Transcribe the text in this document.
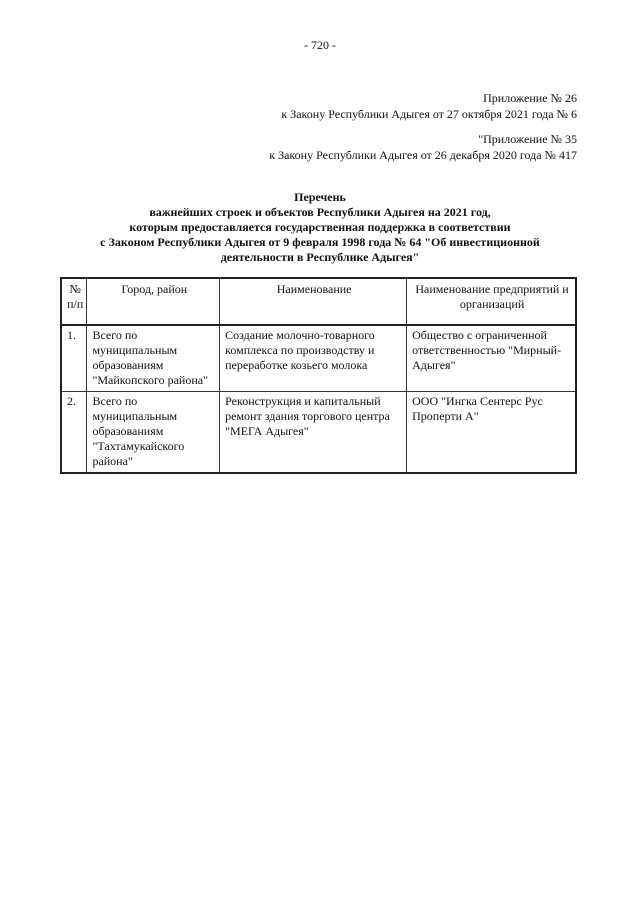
- 720 -
Приложение № 26
к Закону Республики Адыгея от 27 октября 2021 года № 6
"Приложение № 35
к Закону Республики Адыгея от 26 декабря 2020 года № 417
Перечень
важнейших строек и объектов Республики Адыгея на 2021 год,
которым предоставляется государственная поддержка в соответствии
с Законом Республики Адыгея от 9 февраля 1998 года № 64 "Об инвестиционной
деятельности в Республике Адыгея"
№ п/п	Город, район	Наименование	Наименование предприятий и организаций
1.	Всего по муниципальным образованиям "Майкопского района"	Создание молочно-товарного комплекса по производству и переработке козьего молока	Общество с ограниченной ответственностью "Мирный-Адыгея"
2.	Всего по муниципальным образованиям "Тахтамукайского района"	Реконструкция и капитальный ремонт здания торгового центра "МЕГА Адыгея"	ООО "Ингка Сентерс Рус Проперти А"
